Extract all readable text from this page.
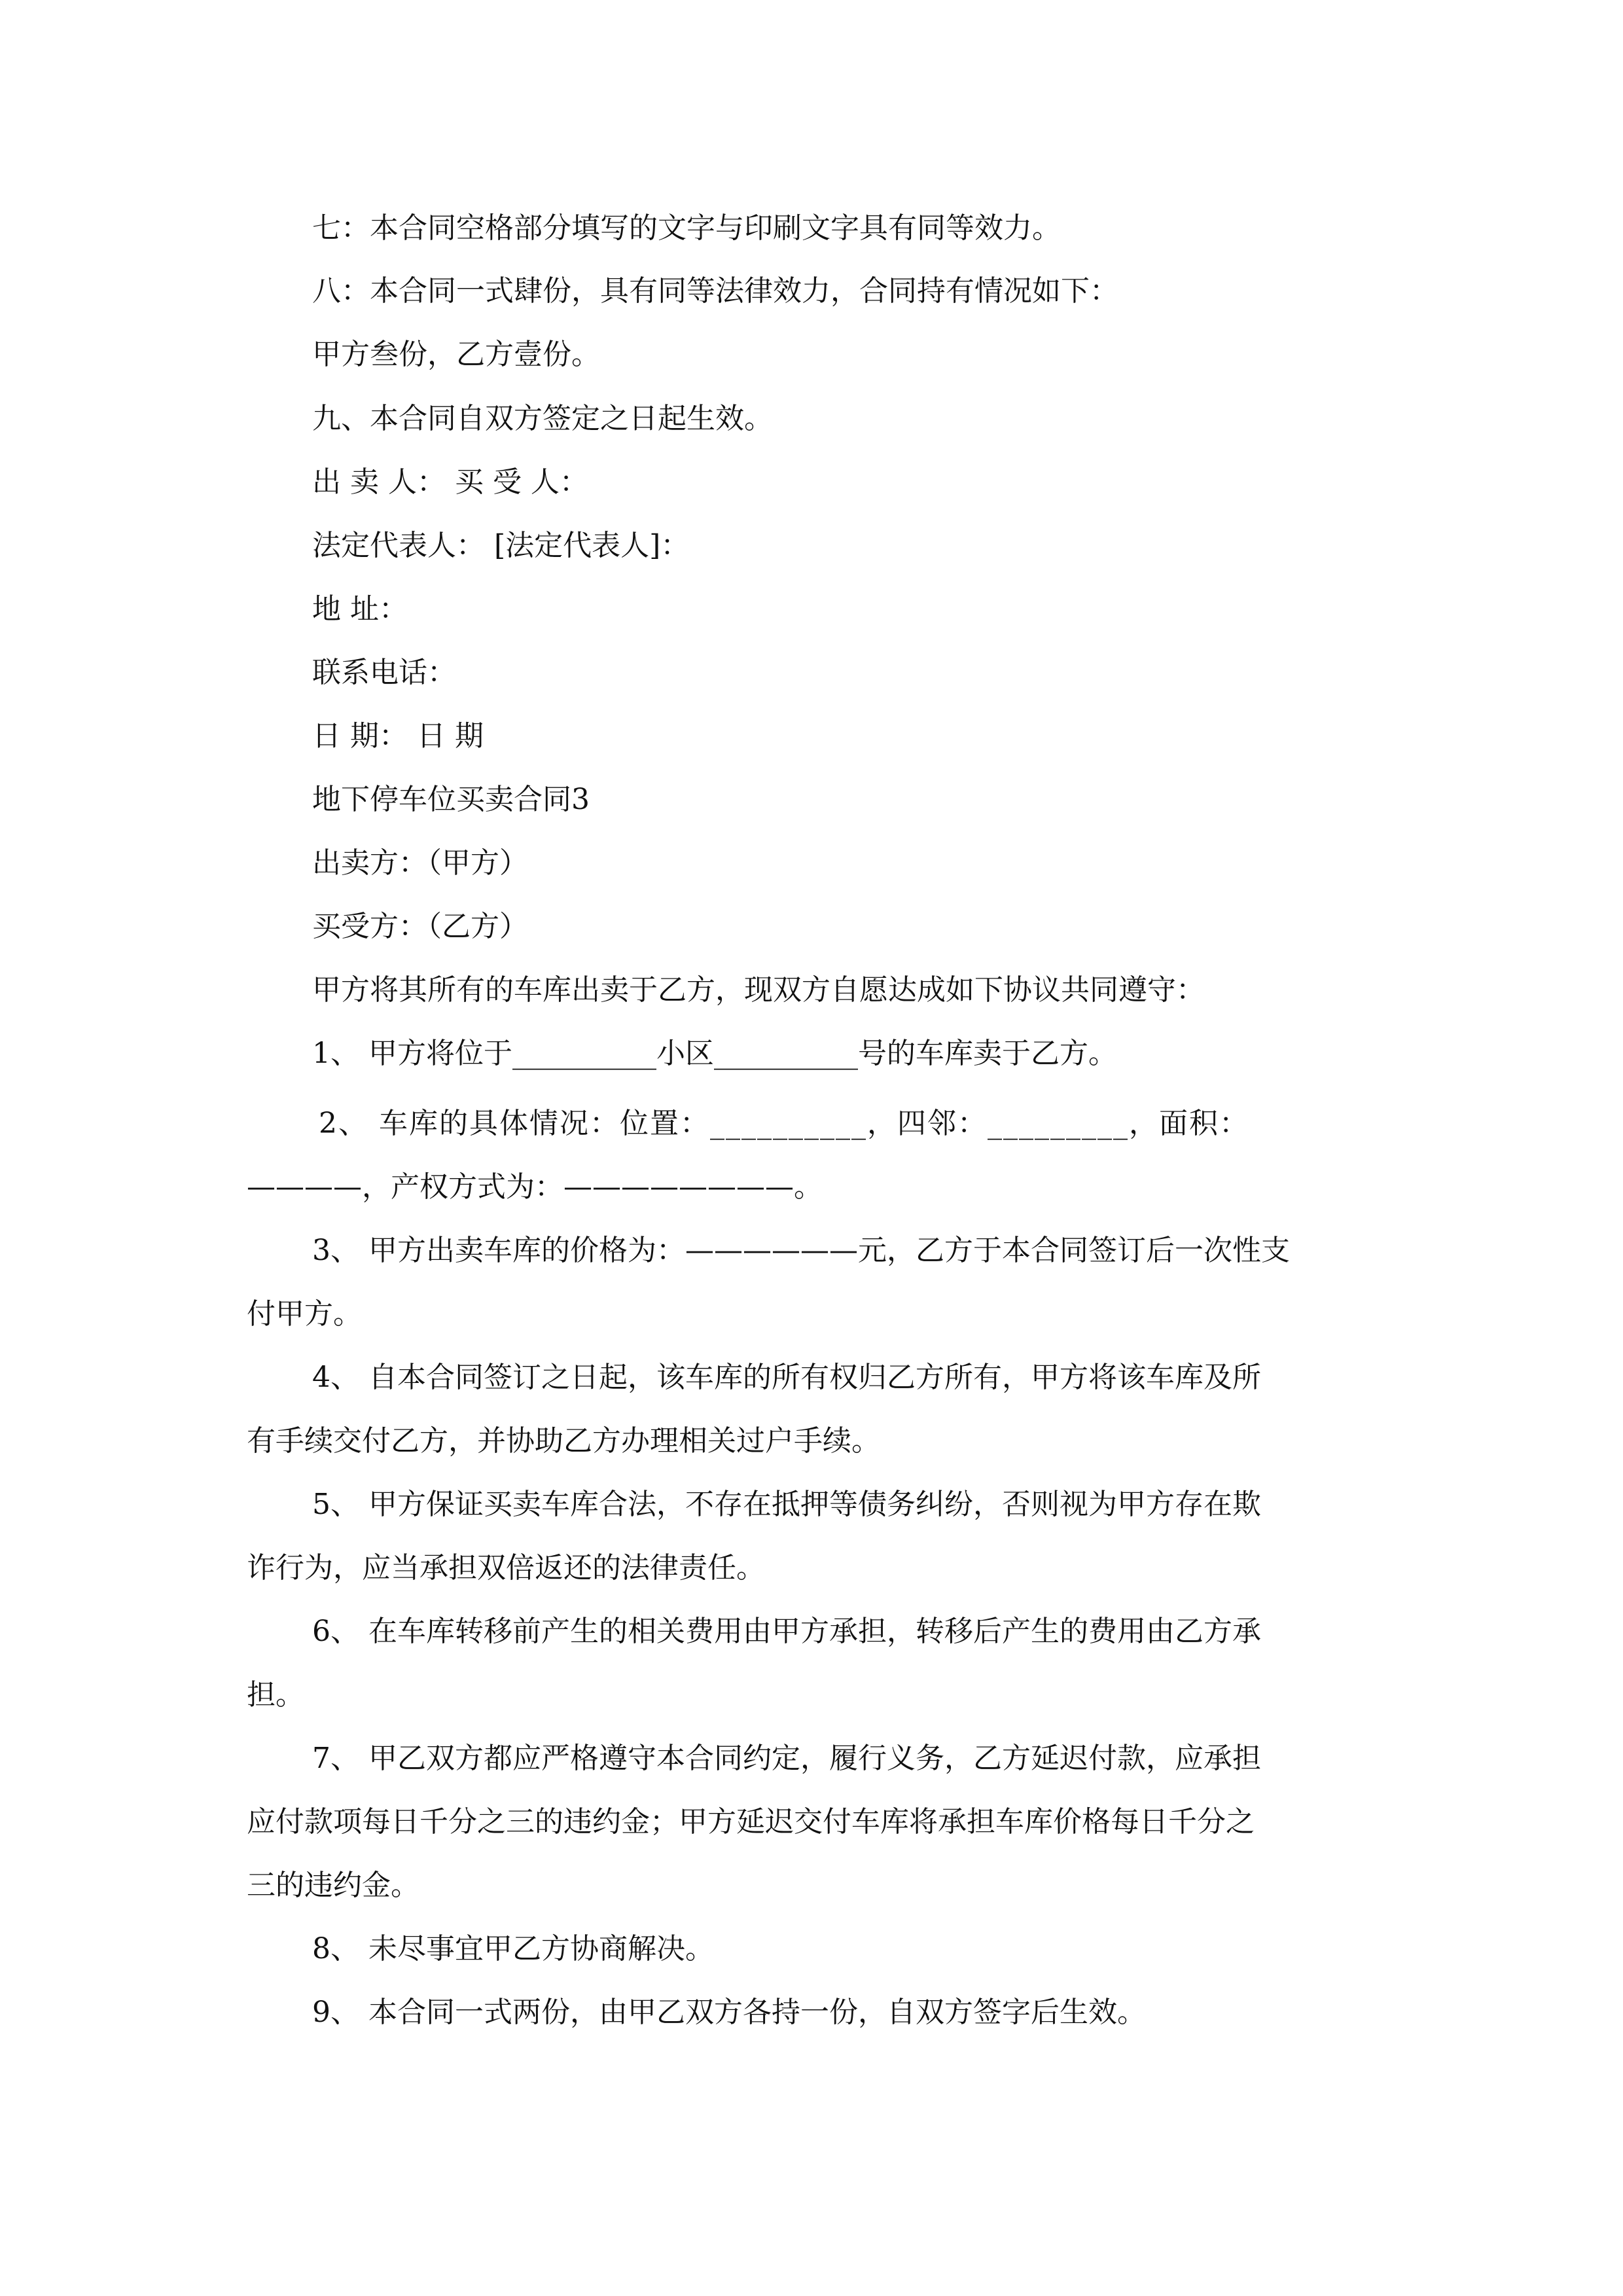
七：本合同空格部分填写的文字与印刷文字具有同等效力。

八：本合同一式肆份，具有同等法律效力，合同持有情况如下：

甲方叁份，乙方壹份。

九、本合同自双方签定之日起生效。

出 卖 人： 买 受 人：

法定代表人： [法定代表人]：

地 址：

联系电话：

日 期： 日 期

地下停车位买卖合同3

出卖方：（甲方）

买受方：（乙方）

甲方将其所有的车库出卖于乙方，现双方自愿达成如下协议共同遵守：

1、 甲方将位于__________小区__________号的车库卖于乙方。

2、 车库的具体情况：位置：__________，四邻：_________，面积：

————，产权方式为：————————。

3、 甲方出卖车库的价格为：——————元，乙方于本合同签订后一次性支

付甲方。

4、 自本合同签订之日起，该车库的所有权归乙方所有，甲方将该车库及所

有手续交付乙方，并协助乙方办理相关过户手续。

5、 甲方保证买卖车库合法，不存在抵押等债务纠纷，否则视为甲方存在欺

诈行为，应当承担双倍返还的法律责任。

6、 在车库转移前产生的相关费用由甲方承担，转移后产生的费用由乙方承

担。

7、 甲乙双方都应严格遵守本合同约定，履行义务，乙方延迟付款，应承担

应付款项每日千分之三的违约金；甲方延迟交付车库将承担车库价格每日千分之

三的违约金。

8、 未尽事宜甲乙方协商解决。

9、 本合同一式两份，由甲乙双方各持一份，自双方签字后生效。
